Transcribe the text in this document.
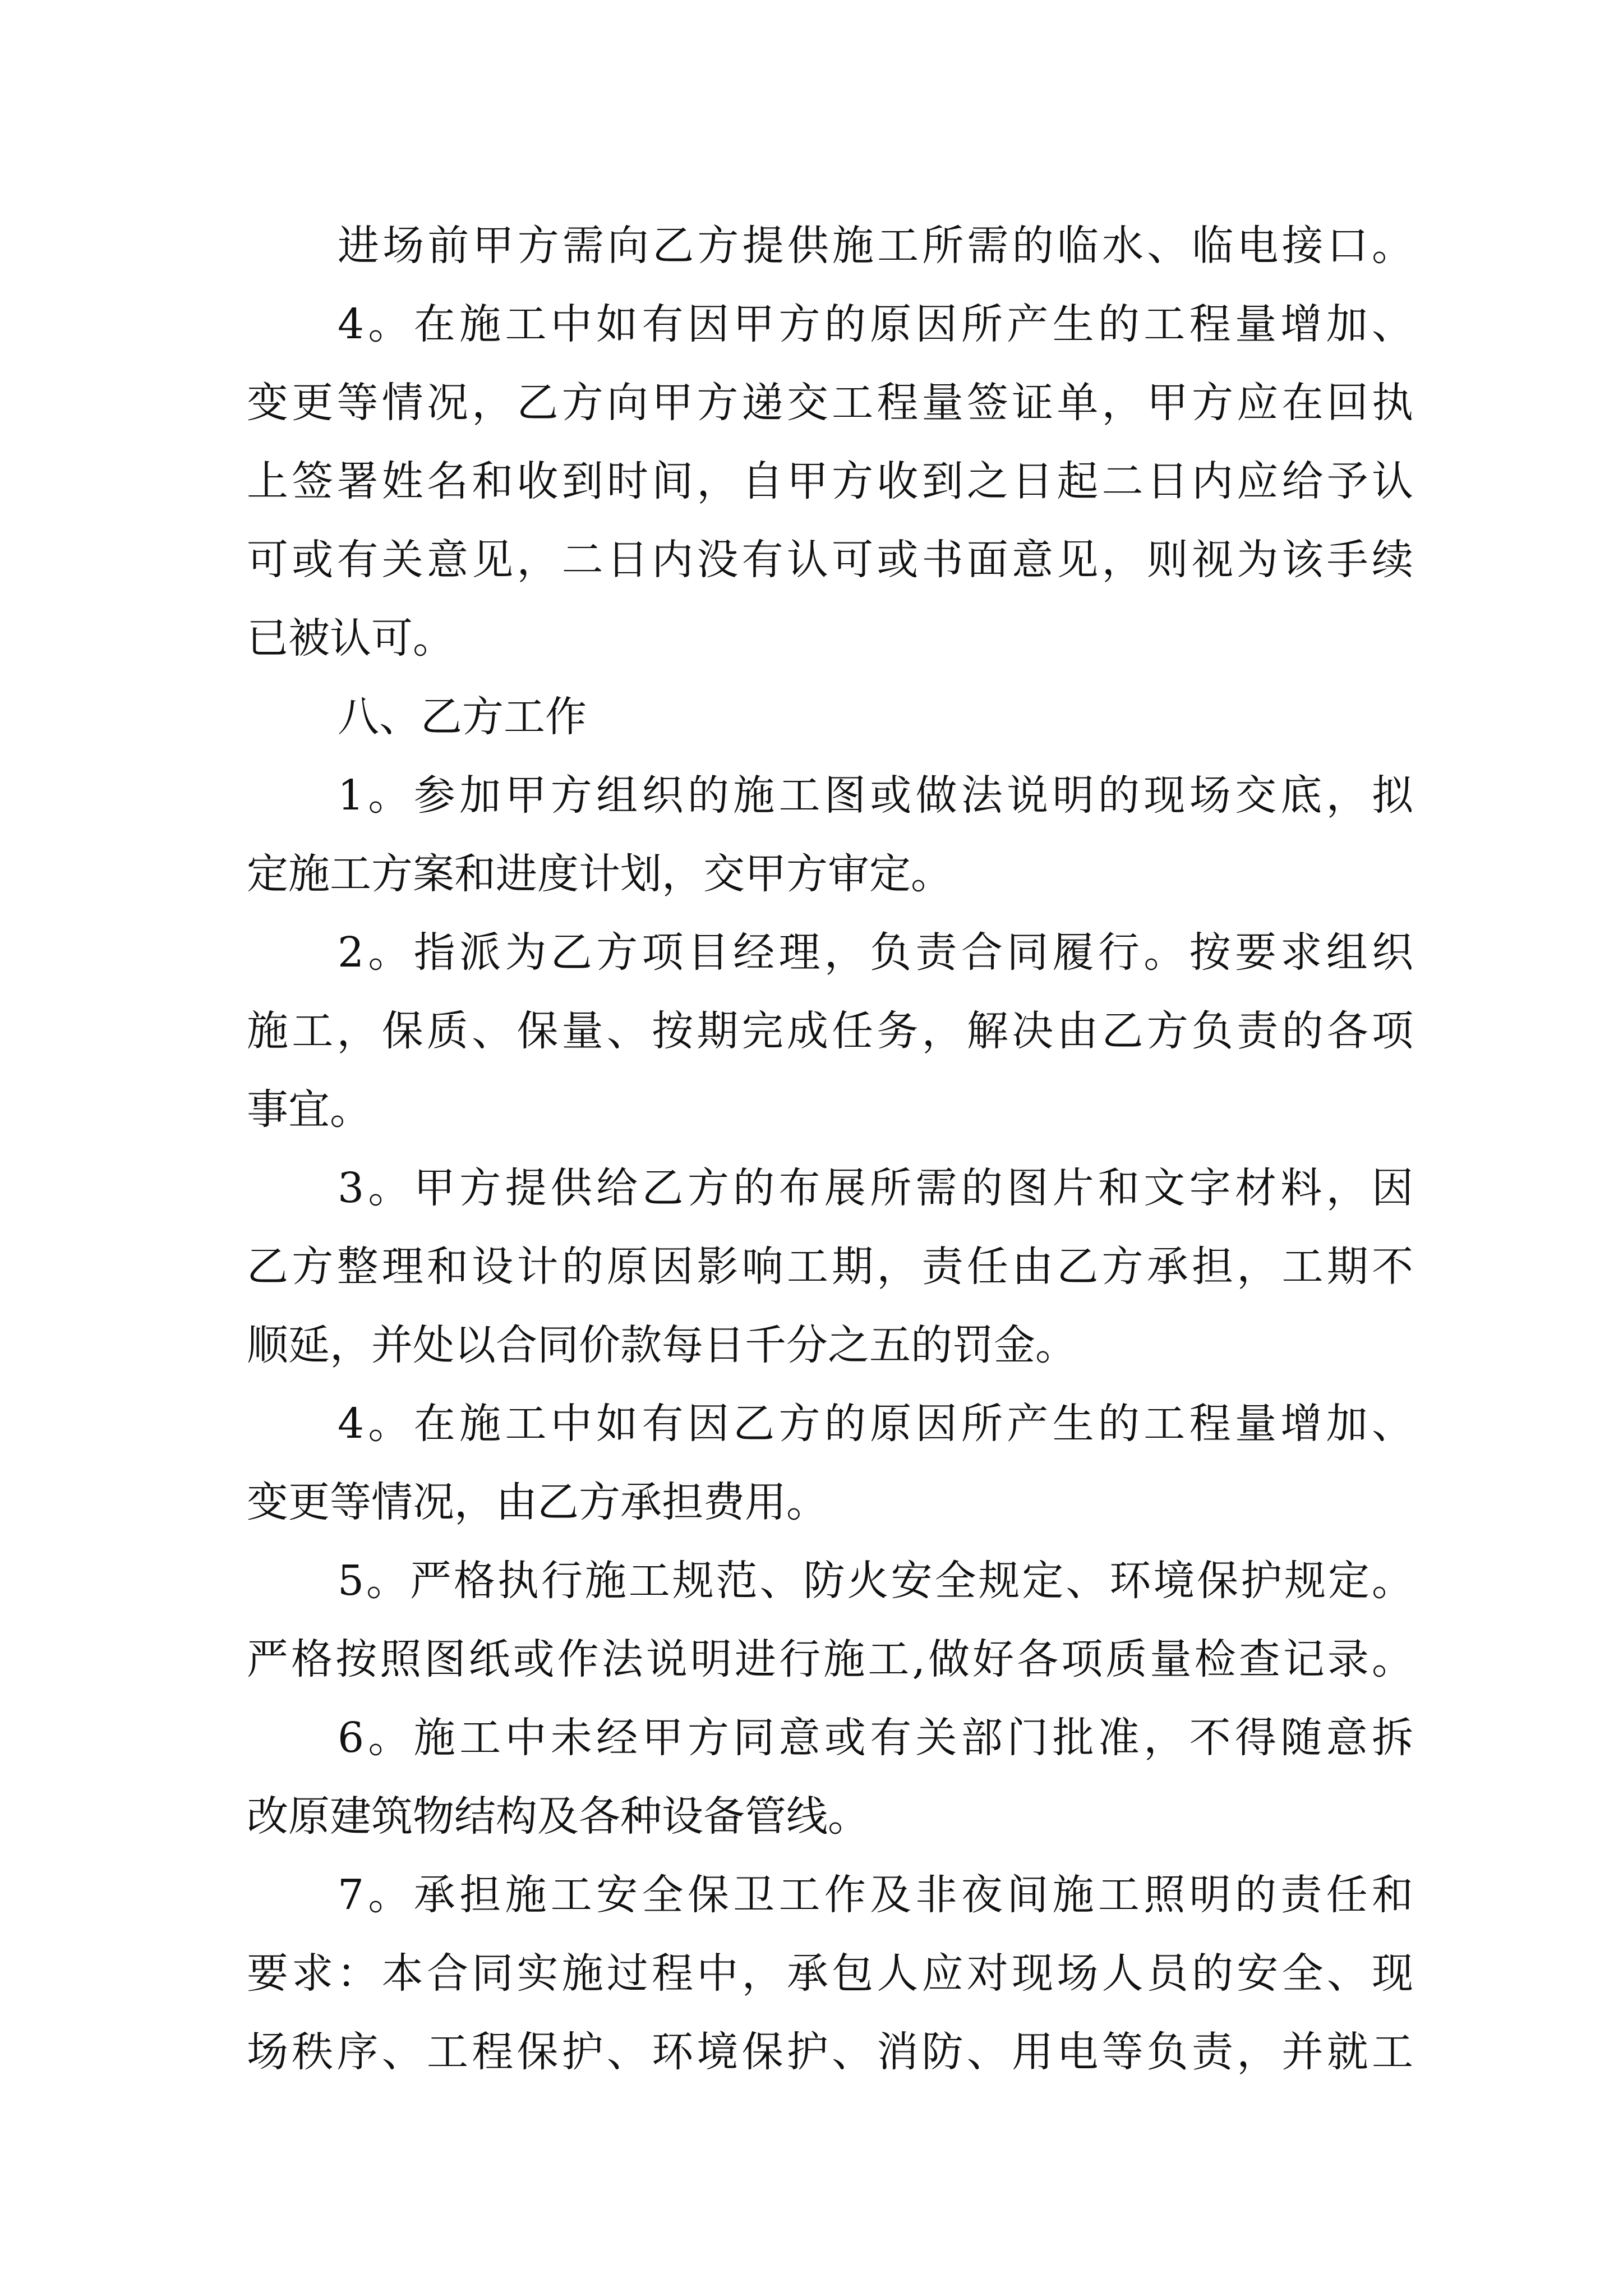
进场前甲方需向乙方提供施工所需的临水、临电接口。
4。在施工中如有因甲方的原因所产生的工程量增加、
变更等情况，乙方向甲方递交工程量签证单，甲方应在回执
上签署姓名和收到时间，自甲方收到之日起二日内应给予认
可或有关意见，二日内没有认可或书面意见，则视为该手续
已被认可。
八、乙方工作
1。参加甲方组织的施工图或做法说明的现场交底，拟
定施工方案和进度计划，交甲方审定。
2。指派为乙方项目经理，负责合同履行。按要求组织
施工，保质、保量、按期完成任务，解决由乙方负责的各项
事宜。
3。甲方提供给乙方的布展所需的图片和文字材料，因
乙方整理和设计的原因影响工期，责任由乙方承担，工期不
顺延，并处以合同价款每日千分之五的罚金。
4。在施工中如有因乙方的原因所产生的工程量增加、
变更等情况，由乙方承担费用。
5。严格执行施工规范、防火安全规定、环境保护规定。
严格按照图纸或作法说明进行施工,做好各项质量检查记录。
6。施工中未经甲方同意或有关部门批准，不得随意拆
改原建筑物结构及各种设备管线。
7。承担施工安全保卫工作及非夜间施工照明的责任和
要求：本合同实施过程中，承包人应对现场人员的安全、现
场秩序、工程保护、环境保护、消防、用电等负责，并就工
